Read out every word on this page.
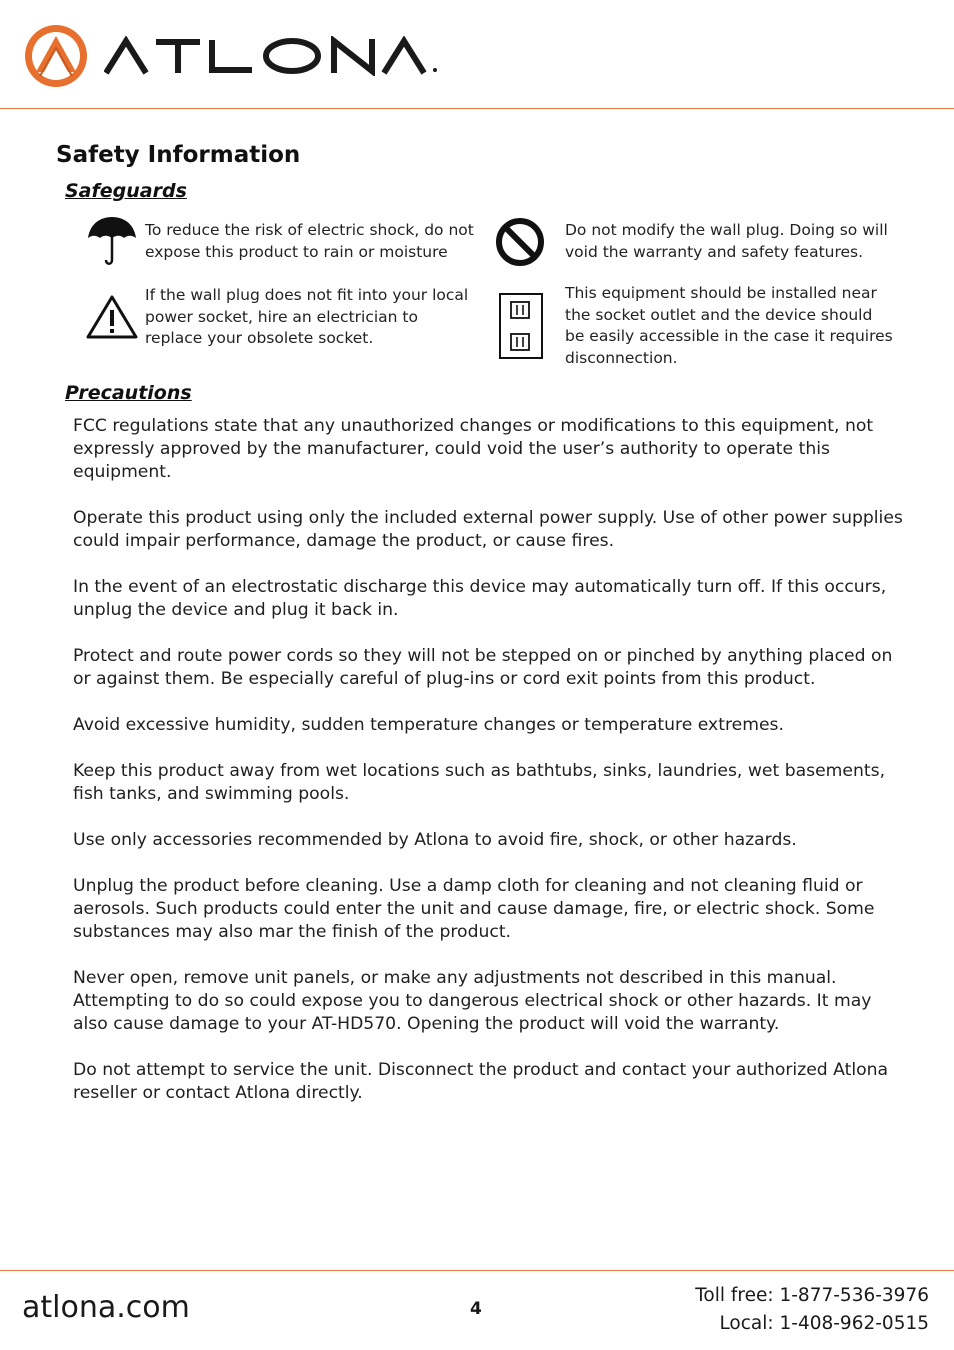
Safety Information
Safeguards
To reduce the risk of electric shock, do not expose this product to rain or moisture
Do not modify the wall plug. Doing so will void the warranty and safety features.
If the wall plug does not fit into your local power socket, hire an electrician to replace your obsolete socket.
This equipment should be installed near the socket outlet and the device should be easily accessible in the case it requires disconnection.
Precautions

FCC regulations state that any unauthorized changes or modifications to this equipment, not expressly approved by the manufacturer, could void the user’s authority to operate this equipment.

Operate this product using only the included external power supply. Use of other power supplies could impair performance, damage the product, or cause fires.

In the event of an electrostatic discharge this device may automatically turn off. If this occurs, unplug the device and plug it back in.

Protect and route power cords so they will not be stepped on or pinched by anything placed on or against them. Be especially careful of plug-ins or cord exit points from this product.

Avoid excessive humidity, sudden temperature changes or temperature extremes.

Keep this product away from wet locations such as bathtubs, sinks, laundries, wet basements, fish tanks, and swimming pools.

Use only accessories recommended by Atlona to avoid fire, shock, or other hazards.

Unplug the product before cleaning. Use a damp cloth for cleaning and not cleaning fluid or aerosols. Such products could enter the unit and cause damage, fire, or electric shock. Some substances may also mar the finish of the product.

Never open, remove unit panels, or make any adjustments not described in this manual. Attempting to do so could expose you to dangerous electrical shock or other hazards. It may also cause damage to your AT-HD570. Opening the product will void the warranty.

Do not attempt to service the unit. Disconnect the product and contact your authorized Atlona reseller or contact Atlona directly.

atlona.com	4
Toll free: 1-877-536-3976
Local: 1-408-962-0515
